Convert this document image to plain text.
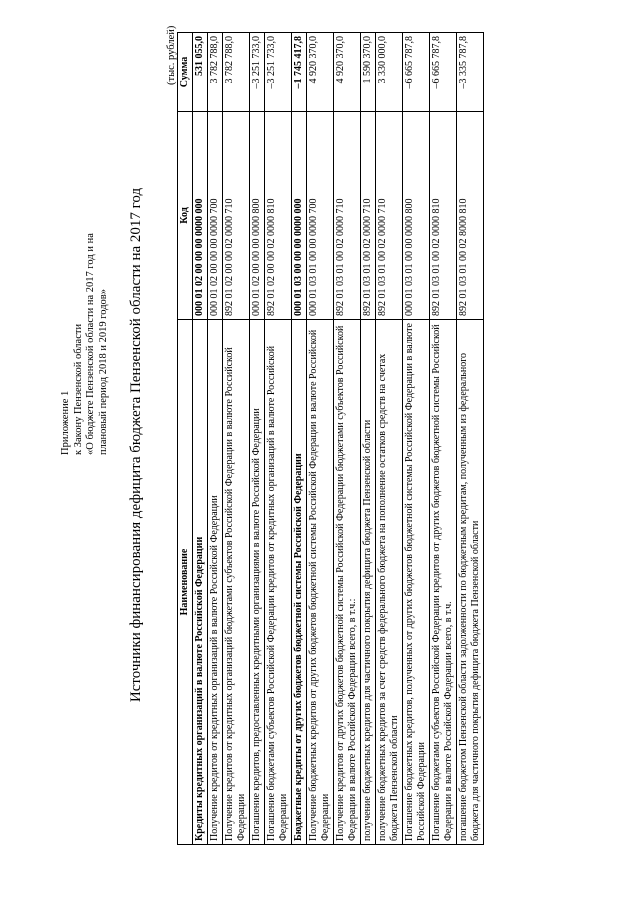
Приложение 1 к Закону Пензенской области «О бюджете Пензенской области на 2017 год и на плановый период 2018 и 2019 годов» Источники финансирования дефицита бюджета Пензенской области на 2017 год
(тыс. рублей)
Наименование	Код	Сумма
Кредиты кредитных организаций в валюте Российской Федерации	000 01 02 00 00 00 0000 000	531 055,0
Получение кредитов от кредитных организаций в валюте Российской Федерации	000 01 02 00 00 00 0000 700	3 782 788,0
Получение кредитов от кредитных организаций бюджетами субъектов Российской Федерации в валюте Российской Федерации	892 01 02 00 00 02 0000 710	3 782 788,0
Погашение кредитов, предоставленных кредитными организациями в валюте Российской Федерации	000 01 02 00 00 00 0000 800	–3 251 733,0
Погашение бюджетами субъектов Российской Федерации кредитов от кредитных организаций в валюте Российской Федерации	892 01 02 00 00 02 0000 810	–3 251 733,0
Бюджетные кредиты от других бюджетов бюджетной системы Российской Федерации	000 01 03 00 00 00 0000 000	–1 745 417,8
Получение бюджетных кредитов от других бюджетов бюджетной системы Российской Федерации в валюте Российской Федерации	000 01 03 01 00 00 0000 700	4 920 370,0
Получение кредитов от других бюджетов бюджетной системы Российской Федерации бюджетами субъектов Российской Федерации в валюте Российской Федерации всего, в т.ч.:	892 01 03 01 00 02 0000 710	4 920 370,0
получение бюджетных кредитов для частичного покрытия дефицита бюджета Пензенской области	892 01 03 01 00 02 0000 710	1 590 370,0
получение бюджетных кредитов за счет средств федерального бюджета на пополнение остатков средств на счетах бюджета Пензенской области	892 01 03 01 00 02 0000 710	3 330 000,0
Погашение бюджетных кредитов, полученных от других бюджетов бюджетной системы Российской Федерации в валюте Российской Федерации	000 01 03 01 00 00 0000 800	–6 665 787,8
Погашение бюджетами субъектов Российской Федерации кредитов от других бюджетов бюджетной системы Российской Федерации в валюте Российской Федерации всего, в т.ч.	892 01 03 01 00 02 0000 810	–6 665 787,8
погашение бюджетом Пензенской области задолженности по бюджетным кредитам, полученным из федерального бюджета для частичного покрытия дефицита бюджета Пензенской области	892 01 03 01 00 02 8000 810	–3 335 787,8
